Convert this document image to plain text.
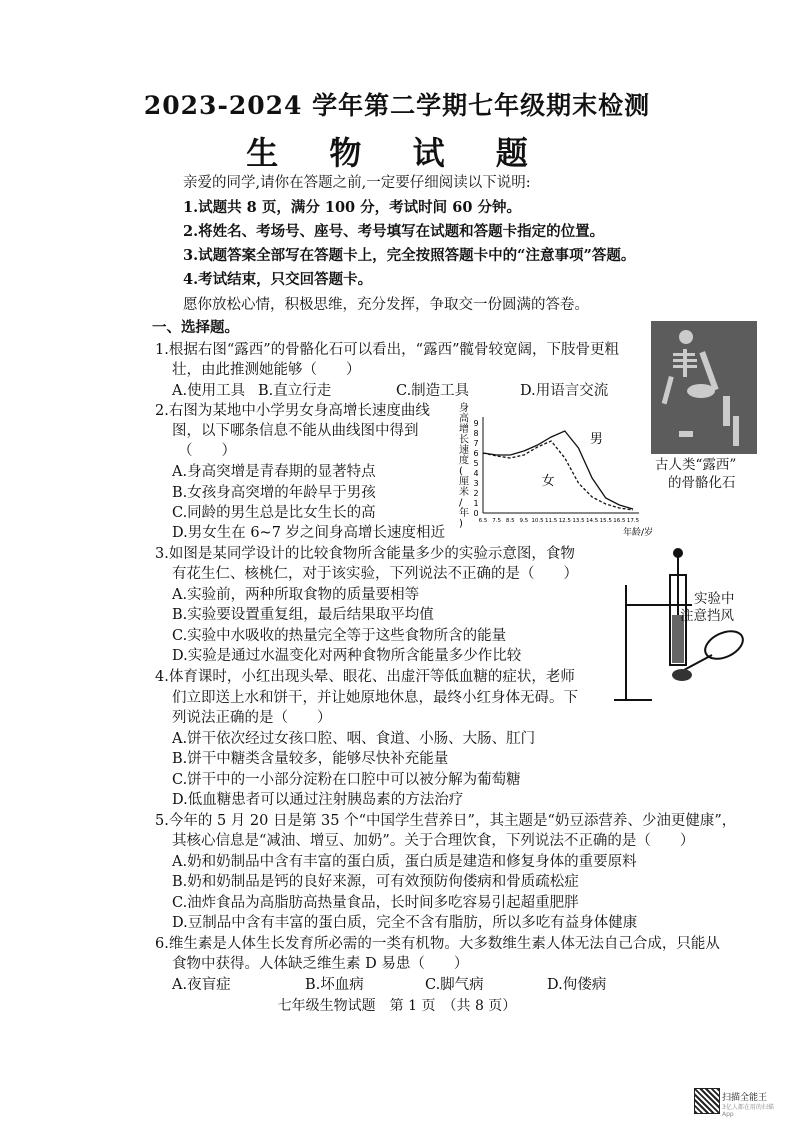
2023-2024 学年第二学期七年级期末检测
生 物 试 题
亲爱的同学,请你在答题之前,一定要仔细阅读以下说明:
1.试题共 8 页，满分 100 分，考试时间 60 分钟。
2.将姓名、考场号、座号、考号填写在试题和答题卡指定的位置。
3.试题答案全部写在答题卡上，完全按照答题卡中的“注意事项”答题。
4.考试结束，只交回答题卡。
愿你放松心情，积极思维，充分发挥，争取交一份圆满的答卷。
一、选择题。
1.根据右图“露西”的骨骼化石可以看出，“露西”髋骨较宽阔，下肢骨更粗
壮，由此推测她能够（　　）
A.使用工具 B.直立行走	C.制造工具	D.用语言交流
古人类“露西”
的骨骼化石
2.右图为某地中小学男女身高增长速度曲线
图，以下哪条信息不能从曲线图中得到
（　　）
A.身高突增是青春期的显著特点
B.女孩身高突增的年龄早于男孩
C.同龄的男生总是比女生长的高
D.男女生在 6~7 岁之间身高增长速度相近
身
高
增
长
速
度
(
厘
米
/
年
)
0
1
2
3
4
5
6
7
8
9
6.5 7.5 8.5 9.5 10.5 11.5 12.5 13.5 14.5 15.5 16.5 17.5
年龄/岁
男
女
3.如图是某同学设计的比较食物所含能量多少的实验示意图，食物
有花生仁、核桃仁，对于该实验，下列说法不正确的是（　　）
A.实验前，两种所取食物的质量要相等
B.实验要设置重复组，最后结果取平均值
C.实验中水吸收的热量完全等于这些食物所含的能量
D.实验是通过水温变化对两种食物所含能量多少作比较
实验中
注意挡风
4.体育课时，小红出现头晕、眼花、出虚汗等低血糖的症状，老师
们立即送上水和饼干，并让她原地休息，最终小红身体无碍。下
列说法正确的是（　　）
A.饼干依次经过女孩口腔、咽、食道、小肠、大肠、肛门
B.饼干中糖类含量较多，能够尽快补充能量
C.饼干中的一小部分淀粉在口腔中可以被分解为葡萄糖
D.低血糖患者可以通过注射胰岛素的方法治疗
5.今年的 5 月 20 日是第 35 个“中国学生营养日”，其主题是“奶豆添营养、少油更健康”，
其核心信息是“减油、增豆、加奶”。关于合理饮食，下列说法不正确的是（　　）
A.奶和奶制品中含有丰富的蛋白质，蛋白质是建造和修复身体的重要原料
B.奶和奶制品是钙的良好来源，可有效预防佝偻病和骨质疏松症
C.油炸食品为高脂肪高热量食品，长时间多吃容易引起超重肥胖
D.豆制品中含有丰富的蛋白质，完全不含有脂肪，所以多吃有益身体健康
6.维生素是人体生长发育所必需的一类有机物。大多数维生素人体无法自己合成，只能从
食物中获得。人体缺乏维生素 D 易患（　　）
A.夜盲症	B.坏血病	C.脚气病	D.佝偻病
七年级生物试题　第 1 页　（共 8 页）
扫描全能王
3亿人都在用的扫描App
